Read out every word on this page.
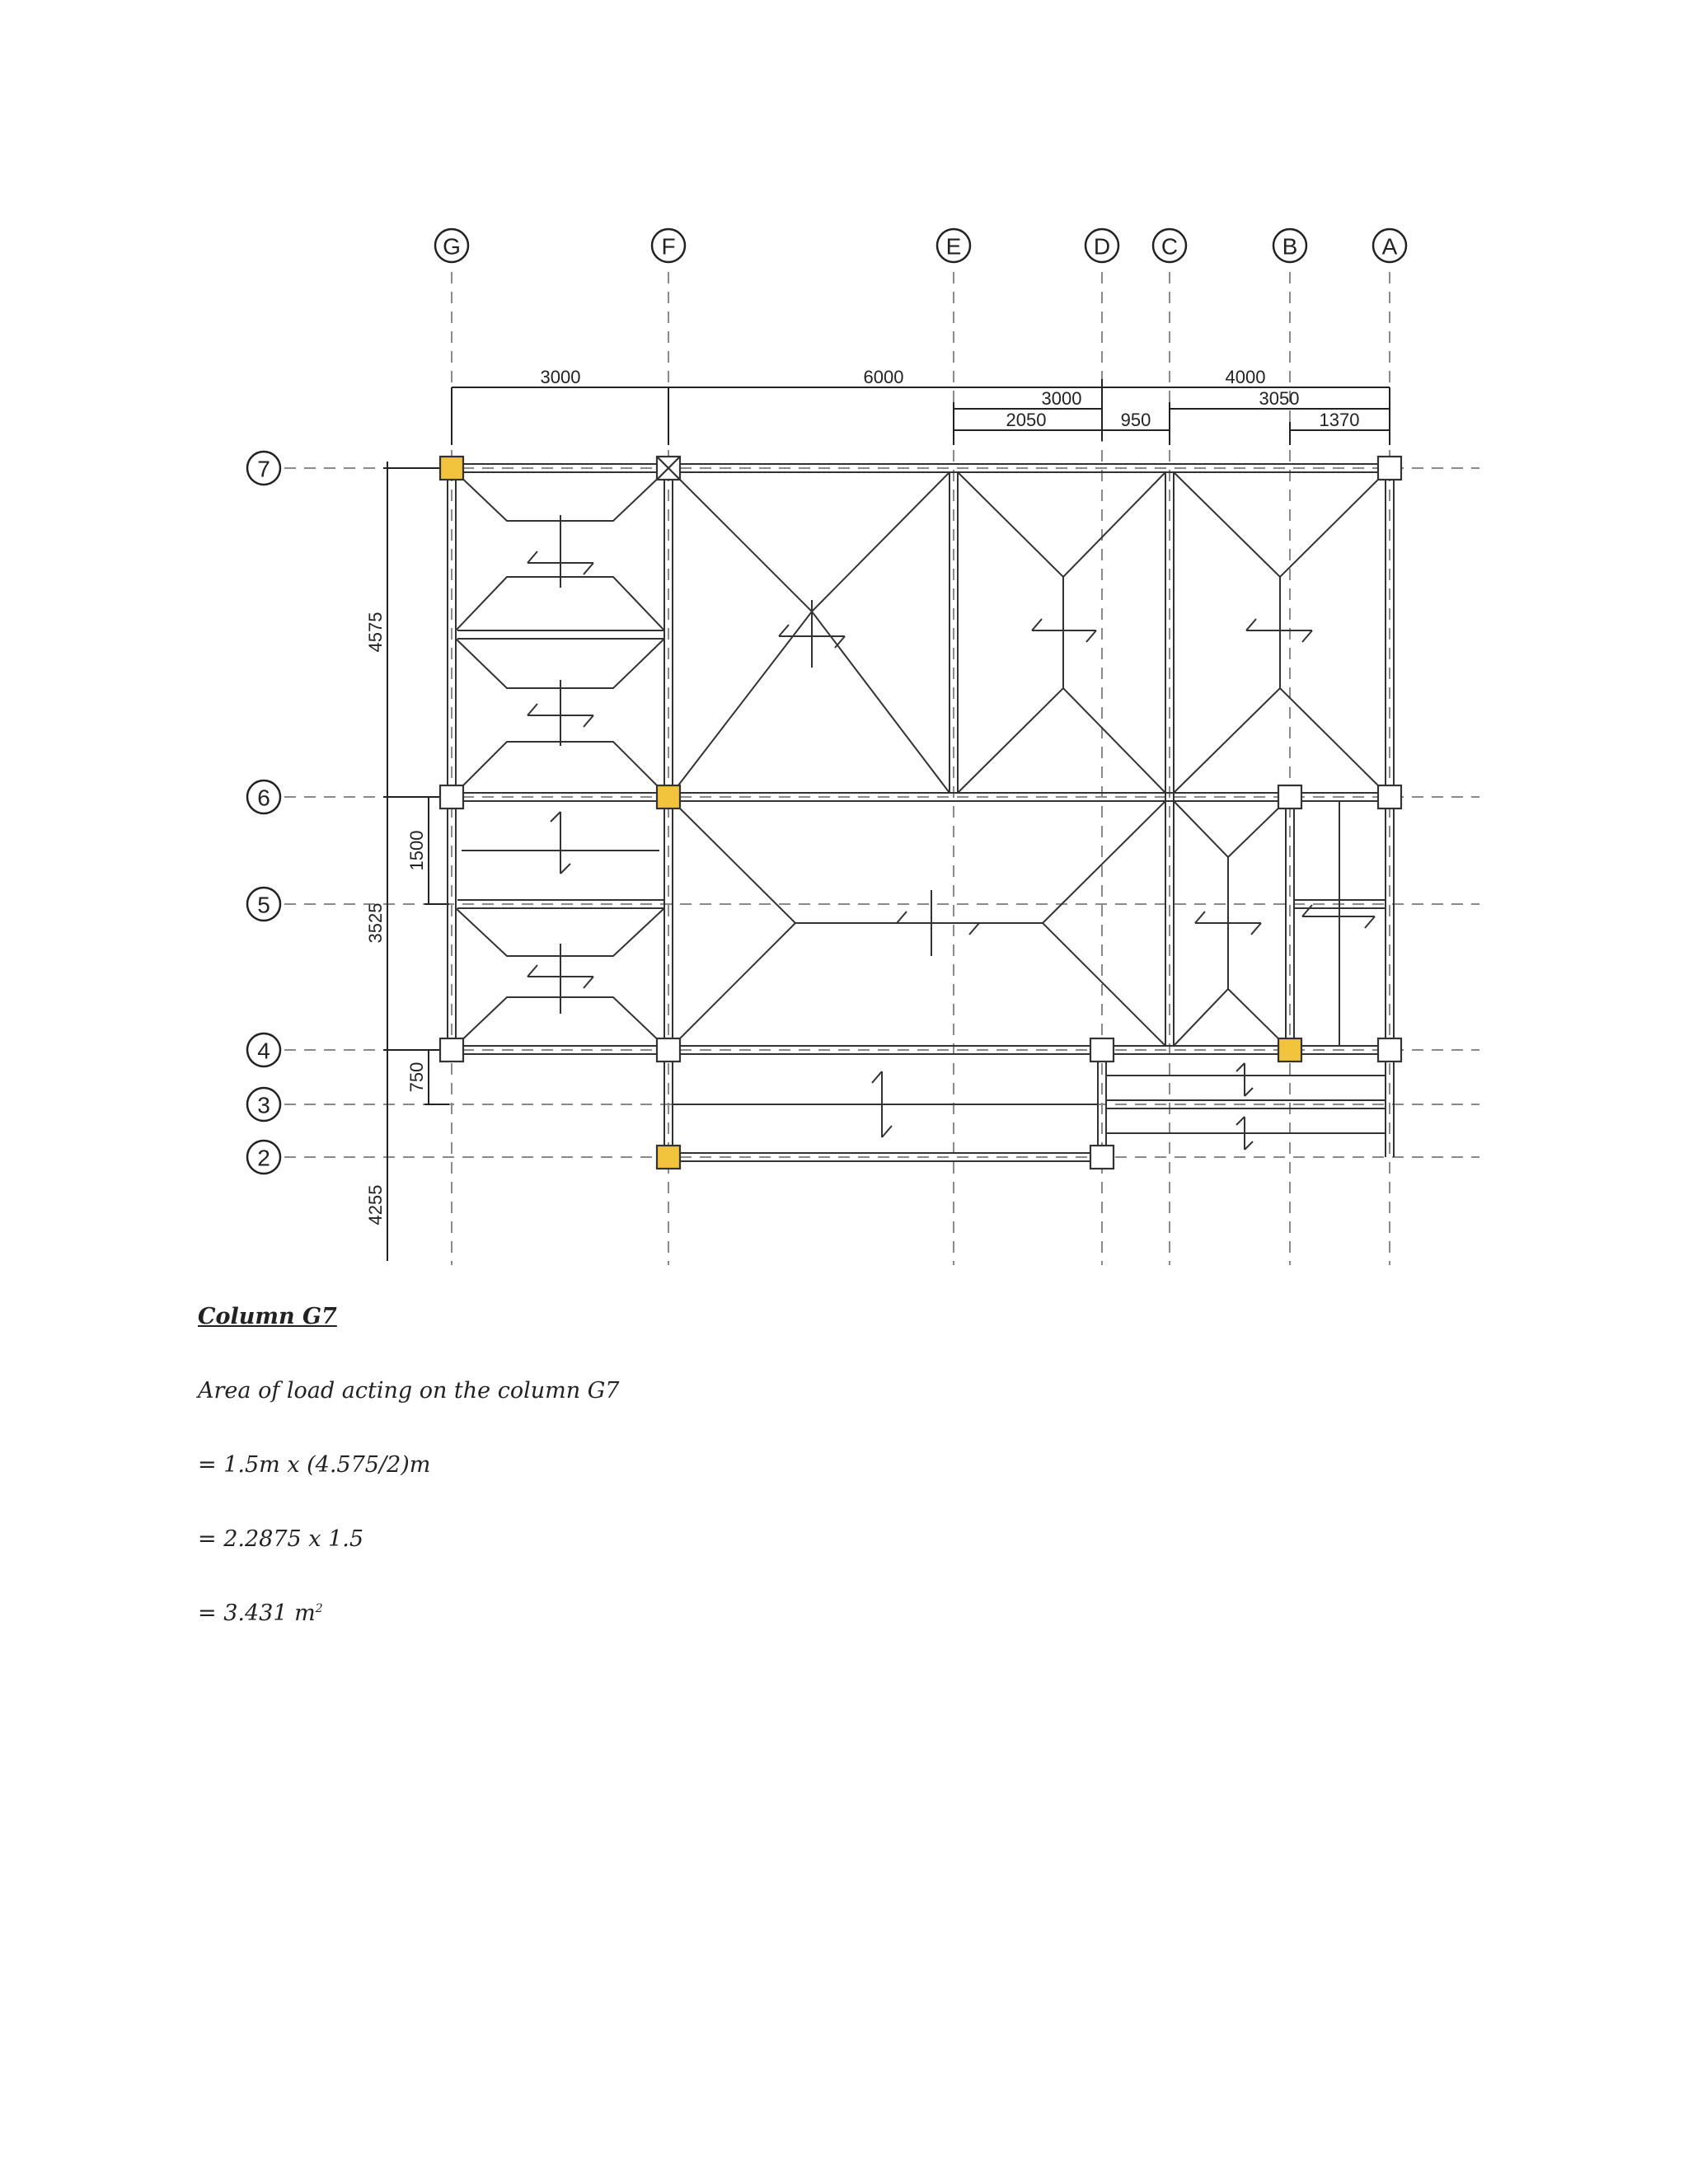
G	F	E	D C	B	A
7
6
5
4
3
2
3000	6000	4000
3000	3050
2050	950	1370
4575
1500
3525
750
4255
Column G7
Area of load acting on the column G7
= 1.5m x (4.575/2)m
= 2.2875 x 1.5
= 3.431 $m^2$
